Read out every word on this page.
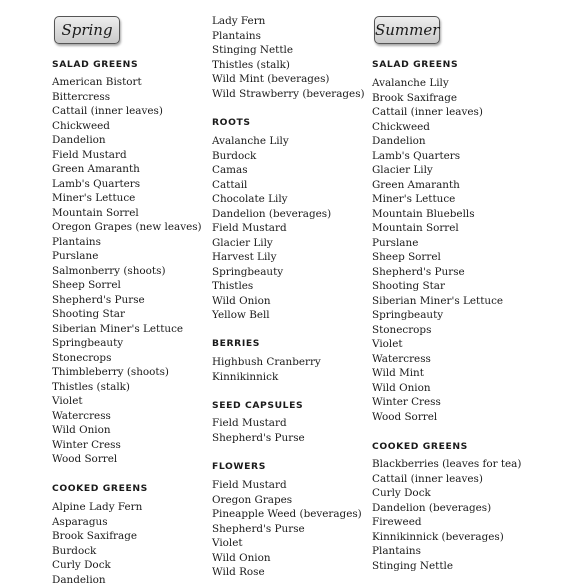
Spring	Summer
SALAD GREENS
American Bistort
Bittercress
Cattail (inner leaves)
Chickweed
Dandelion
Field Mustard
Green Amaranth
Lamb's Quarters
Miner's Lettuce
Mountain Sorrel
Oregon Grapes (new leaves)
Plantains
Purslane
Salmonberry (shoots)
Sheep Sorrel
Shepherd's Purse
Shooting Star
Siberian Miner's Lettuce
Springbeauty
Stonecrops
Thimbleberry (shoots)
Thistles (stalk)
Violet
Watercress
Wild Onion
Winter Cress
Wood Sorrel
COOKED GREENS
Alpine Lady Fern
Asparagus
Brook Saxifrage
Burdock
Curly Dock
Dandelion
Lady Fern
Plantains
Stinging Nettle
Thistles (stalk)
Wild Mint (beverages)
Wild Strawberry (beverages)
ROOTS
Avalanche Lily
Burdock
Camas
Cattail
Chocolate Lily
Dandelion (beverages)
Field Mustard
Glacier Lily
Harvest Lily
Springbeauty
Thistles
Wild Onion
Yellow Bell
BERRIES
Highbush Cranberry
Kinnikinnick
SEED CAPSULES
Field Mustard
Shepherd's Purse
FLOWERS
Field Mustard
Oregon Grapes
Pineapple Weed (beverages)
Shepherd's Purse
Violet
Wild Onion
Wild Rose
SALAD GREENS
Avalanche Lily
Brook Saxifrage
Cattail (inner leaves)
Chickweed
Dandelion
Lamb's Quarters
Glacier Lily
Green Amaranth
Miner's Lettuce
Mountain Bluebells
Mountain Sorrel
Purslane
Sheep Sorrel
Shepherd's Purse
Shooting Star
Siberian Miner's Lettuce
Springbeauty
Stonecrops
Violet
Watercress
Wild Mint
Wild Onion
Winter Cress
Wood Sorrel
COOKED GREENS
Blackberries (leaves for tea)
Cattail (inner leaves)
Curly Dock
Dandelion (beverages)
Fireweed
Kinnikinnick (beverages)
Plantains
Stinging Nettle
